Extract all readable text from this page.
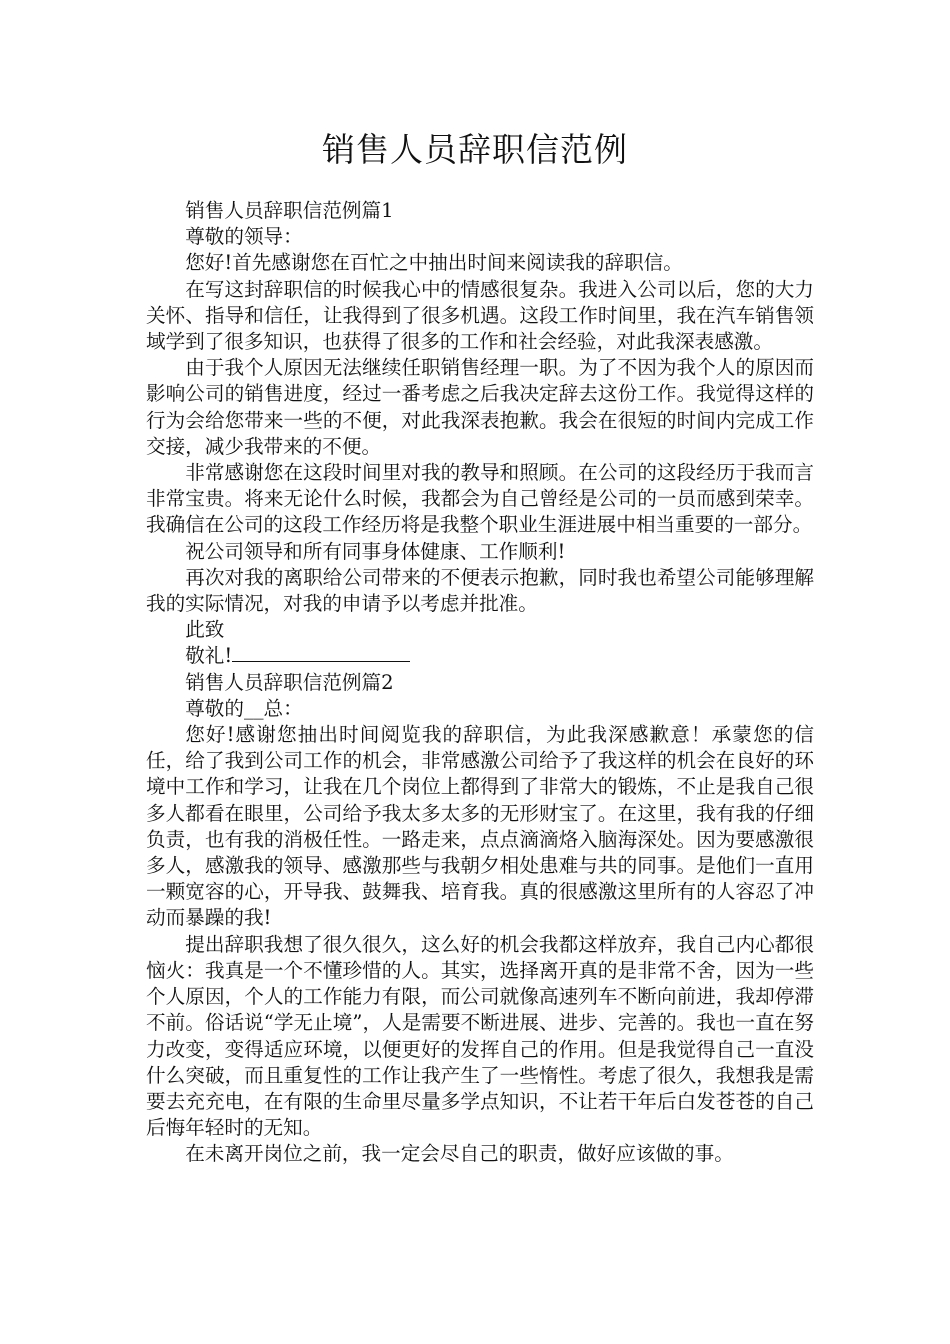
销售人员辞职信范例

销售人员辞职信范例篇1

尊敬的领导：

您好!首先感谢您在百忙之中抽出时间来阅读我的辞职信。

在写这封辞职信的时候我心中的情感很复杂。我进入公司以后，您的大力关怀、指导和信任，让我得到了很多机遇。这段工作时间里，我在汽车销售领域学到了很多知识，也获得了很多的工作和社会经验，对此我深表感激。

由于我个人原因无法继续任职销售经理一职。为了不因为我个人的原因而影响公司的销售进度，经过一番考虑之后我决定辞去这份工作。我觉得这样的行为会给您带来一些的不便，对此我深表抱歉。我会在很短的时间内完成工作交接，减少我带来的不便。

非常感谢您在这段时间里对我的教导和照顾。在公司的这段经历于我而言非常宝贵。将来无论什么时候，我都会为自己曾经是公司的一员而感到荣幸。我确信在公司的这段工作经历将是我整个职业生涯进展中相当重要的一部分。

祝公司领导和所有同事身体健康、工作顺利!

再次对我的离职给公司带来的不便表示抱歉，同时我也希望公司能够理解我的实际情况，对我的申请予以考虑并批准。

此致

敬礼!

销售人员辞职信范例篇2

尊敬的__总：

您好!感谢您抽出时间阅览我的辞职信，为此我深感歉意！承蒙您的信任，给了我到公司工作的机会，非常感激公司给予了我这样的机会在良好的环境中工作和学习，让我在几个岗位上都得到了非常大的锻炼，不止是我自己很多人都看在眼里，公司给予我太多太多的无形财宝了。在这里，我有我的仔细负责，也有我的消极任性。一路走来，点点滴滴烙入脑海深处。因为要感激很多人，感激我的领导、感激那些与我朝夕相处患难与共的同事。是他们一直用一颗宽容的心，开导我、鼓舞我、培育我。真的很感激这里所有的人容忍了冲动而暴躁的我!

提出辞职我想了很久很久，这么好的机会我都这样放弃，我自己内心都很恼火：我真是一个不懂珍惜的人。其实，选择离开真的是非常不舍，因为一些个人原因，个人的工作能力有限，而公司就像高速列车不断向前进，我却停滞不前。俗话说“学无止境”，人是需要不断进展、进步、完善的。我也一直在努力改变，变得适应环境，以便更好的发挥自己的作用。但是我觉得自己一直没什么突破，而且重复性的工作让我产生了一些惰性。考虑了很久，我想我是需要去充充电，在有限的生命里尽量多学点知识，不让若干年后白发苍苍的自己后悔年轻时的无知。

在未离开岗位之前，我一定会尽自己的职责，做好应该做的事。
